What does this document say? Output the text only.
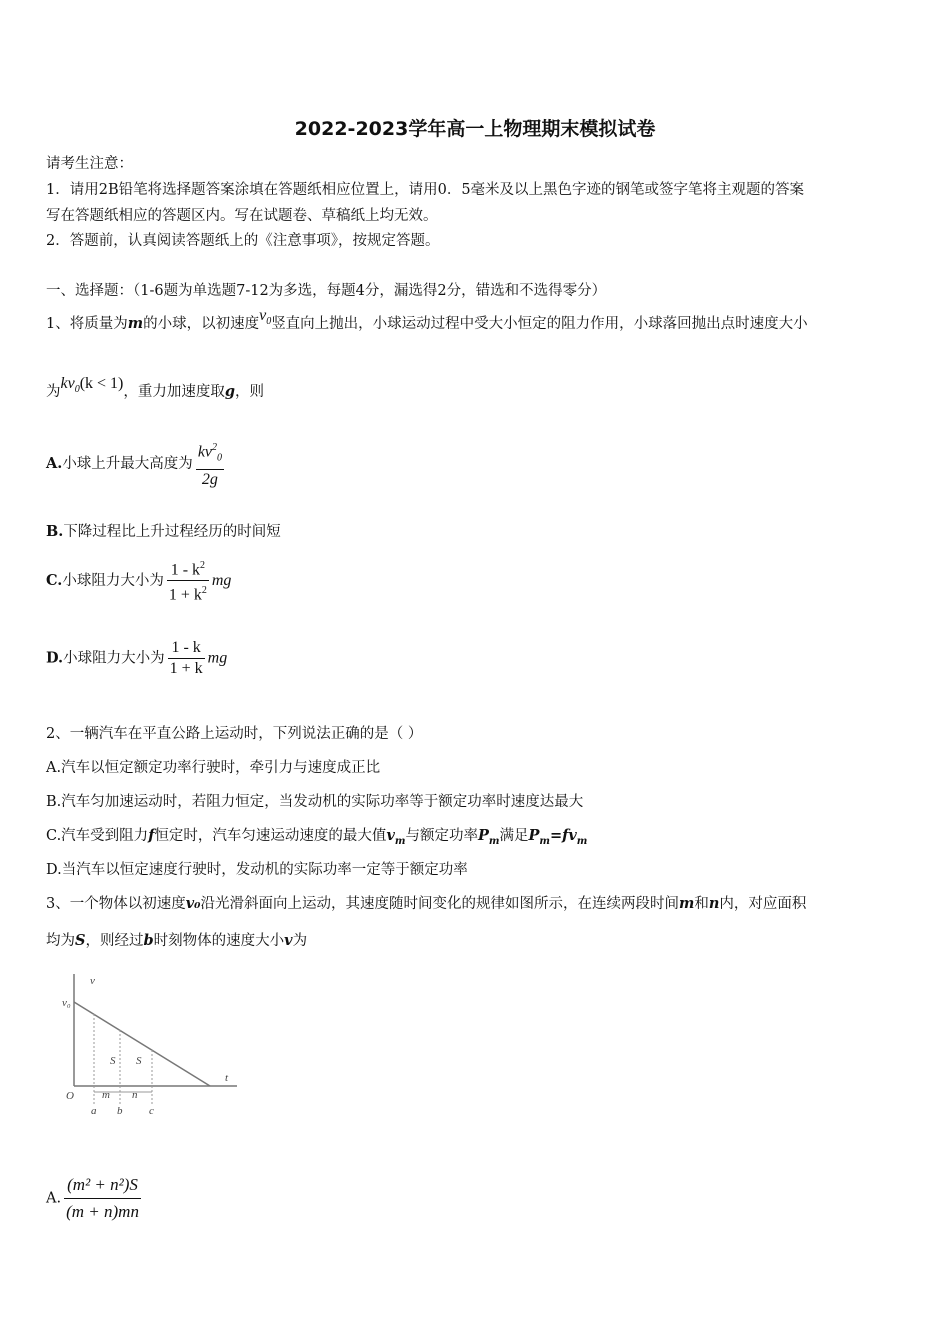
2022-2023学年高一上物理期末模拟试卷
请考生注意：
1．请用2B铅笔将选择题答案涂填在答题纸相应位置上，请用0．5毫米及以上黑色字迹的钢笔或签字笔将主观题的答案
写在答题纸相应的答题区内。写在试题卷、草稿纸上均无效。
2．答题前，认真阅读答题纸上的《注意事项》，按规定答题。
一、选择题：（1-6题为单选题7-12为多选，每题4分，漏选得2分，错选和不选得零分）
1、将质量为m的小球，以初速度$v_0$竖直向上抛出，小球运动过程中受大小恒定的阻力作用，小球落回抛出点时速度大小
为$kv_0(k < 1)$，重力加速度取g，则
A.小球上升最大高度为 $\frac{kv^2_0}{2g}$
B.下降过程比上升过程经历的时间短
C.小球阻力大小为 $\frac{1 - k^2}{1 + k^2}$ mg
D.小球阻力大小为 $\frac{1 - k}{1 + k}$ mg
2、一辆汽车在平直公路上运动时，下列说法正确的是（ ）
A.汽车以恒定额定功率行驶时，牵引力与速度成正比
B.汽车匀加速运动时，若阻力恒定，当发动机的实际功率等于额定功率时速度达最大
C.汽车受到阻力f恒定时，汽车匀速运动速度的最大值$v_m$与额定功率$P_m$满足$P_m=fv_m$
D.当汽车以恒定速度行驶时，发动机的实际功率一定等于额定功率
3、一个物体以初速度v₀沿光滑斜面向上运动，其速度随时间变化的规律如图所示，在连续两段时间m和n内，对应面积
均为S，则经过b时刻物体的速度大小v为
v
t
v₀
O
S S
m n
a b c
A. $\frac{\text{(m² + n²)S}}{(m + n)mn}$
